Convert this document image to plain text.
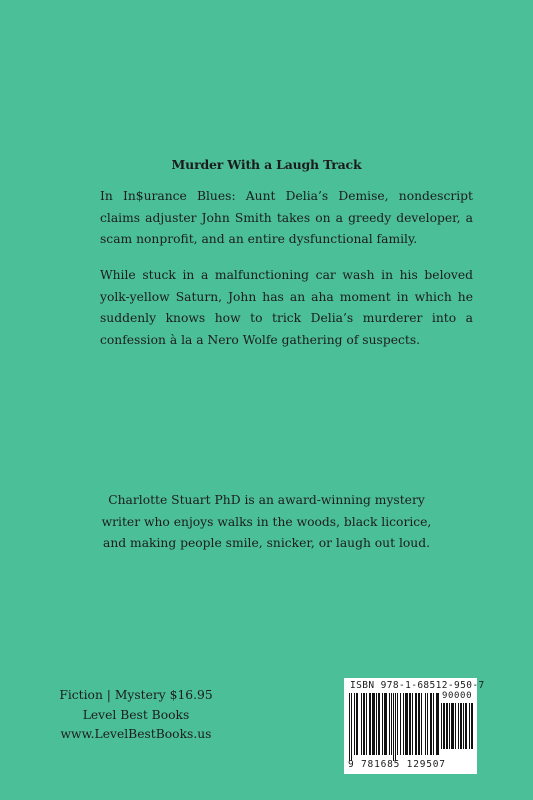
Murder With a Laugh Track

In In$urance Blues: Aunt Delia’s Demise, nondescript claims adjuster John Smith takes on a greedy developer, a scam nonprofit, and an entire dysfunctional family.

While stuck in a malfunctioning car wash in his beloved yolk-yellow Saturn, John has an aha moment in which he suddenly knows how to trick Delia’s murderer into a confession à la a Nero Wolfe gathering of suspects.

Charlotte Stuart PhD is an award-winning mystery
writer who enjoys walks in the woods, black licorice,
and making people smile, snicker, or laugh out loud.
Fiction | Mystery $16.95
Level Best Books
www.LevelBestBooks.us
ISBN 978-1-68512-950-7
90000
9 781685 129507
